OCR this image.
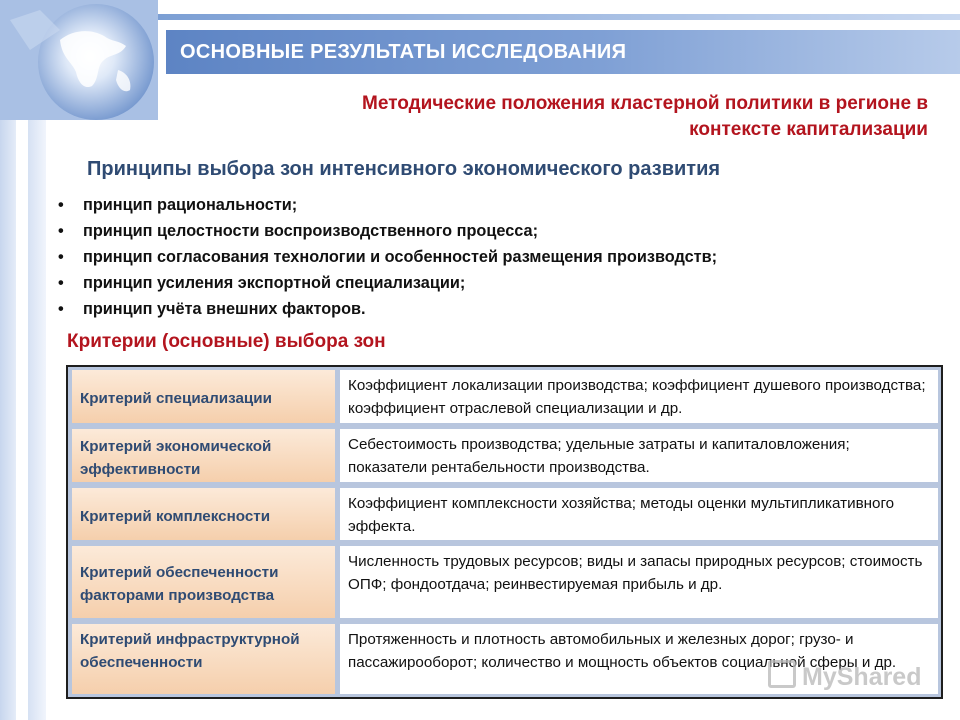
ОСНОВНЫЕ РЕЗУЛЬТАТЫ ИССЛЕДОВАНИЯ
Методические положения кластерной политики в регионе в
контексте капитализации
Принципы выбора зон интенсивного экономического развития
• принцип рациональности;
• принцип целостности воспроизводственного процесса;
• принцип согласования технологии и особенностей размещения производств;
• принцип усиления экспортной специализации;
• принцип учёта внешних факторов.
Критерии (основные) выбора зон
Критерий специализации
Коэффициент локализации производства; коэффициент душевого производства; коэффициент отраслевой специализации и др.
Критерий экономической эффективности
Себестоимость производства; удельные затраты и капиталовложения; показатели рентабельности производства.
Критерий комплексности
Коэффициент комплексности хозяйства; методы оценки мультипликативного эффекта.
Критерий обеспеченности факторами производства
Численность трудовых ресурсов; виды и запасы природных ресурсов; стоимость ОПФ; фондоотдача; реинвестируемая прибыль и др.
Критерий инфраструктурной обеспеченности
Протяженность и плотность автомобильных и железных дорог; грузо- и пассажирооборот; количество и мощность объектов социальной сферы и др.
MyShared
